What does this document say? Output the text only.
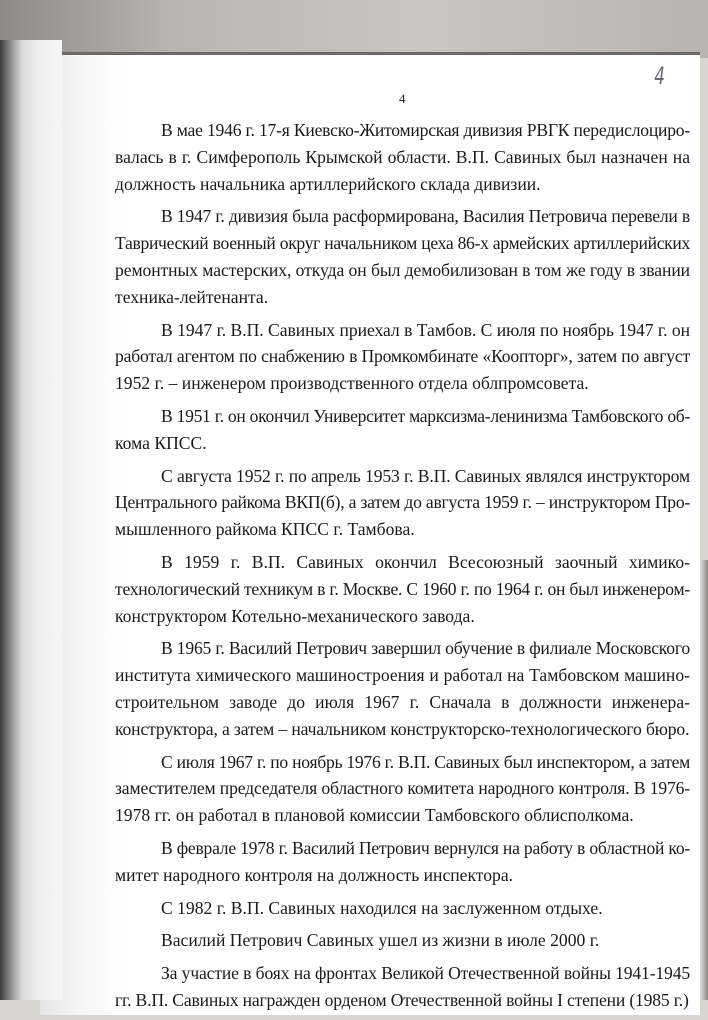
4
4
В мае 1946 г. 17-я Киевско-Житомирская дивизия РВГК передислоциро-
валась в г. Симферополь Крымской области. В.П. Савиных был назначен на
должность начальника артиллерийского склада дивизии.
В 1947 г. дивизия была расформирована, Василия Петровича перевели в
Таврический военный округ начальником цеха 86-х армейских артиллерийских
ремонтных мастерских, откуда он был демобилизован в том же году в звании
техника-лейтенанта.
В 1947 г. В.П. Савиных приехал в Тамбов. С июля по ноябрь 1947 г. он
работал агентом по снабжению в Промкомбинате «Коопторг», затем по август
1952 г. – инженером производственного отдела облпромсовета.
В 1951 г. он окончил Университет марксизма-ленинизма Тамбовского об-
кома КПСС.
С августа 1952 г. по апрель 1953 г. В.П. Савиных являлся инструктором
Центрального райкома ВКП(б), а затем до августа 1959 г. – инструктором Про-
мышленного райкома КПСС г. Тамбова.
В 1959 г. В.П. Савиных окончил Всесоюзный заочный химико-
технологический техникум в г. Москве. С 1960 г. по 1964 г. он был инженером-
конструктором Котельно-механического завода.
В 1965 г. Василий Петрович завершил обучение в филиале Московского
института химического машиностроения и работал на Тамбовском машино-
строительном заводе до июля 1967 г. Сначала в должности инженера-
конструктора, а затем – начальником конструкторско-технологического бюро.
С июля 1967 г. по ноябрь 1976 г. В.П. Савиных был инспектором, а затем
заместителем председателя областного комитета народного контроля. В 1976-
1978 гг. он работал в плановой комиссии Тамбовского облисполкома.
В феврале 1978 г. Василий Петрович вернулся на работу в областной ко-
митет народного контроля на должность инспектора.
С 1982 г. В.П. Савиных находился на заслуженном отдыхе.
Василий Петрович Савиных ушел из жизни в июле 2000 г.
За участие в боях на фронтах Великой Отечественной войны 1941-1945
гг. В.П. Савиных награжден орденом Отечественной войны I степени (1985 г.)
